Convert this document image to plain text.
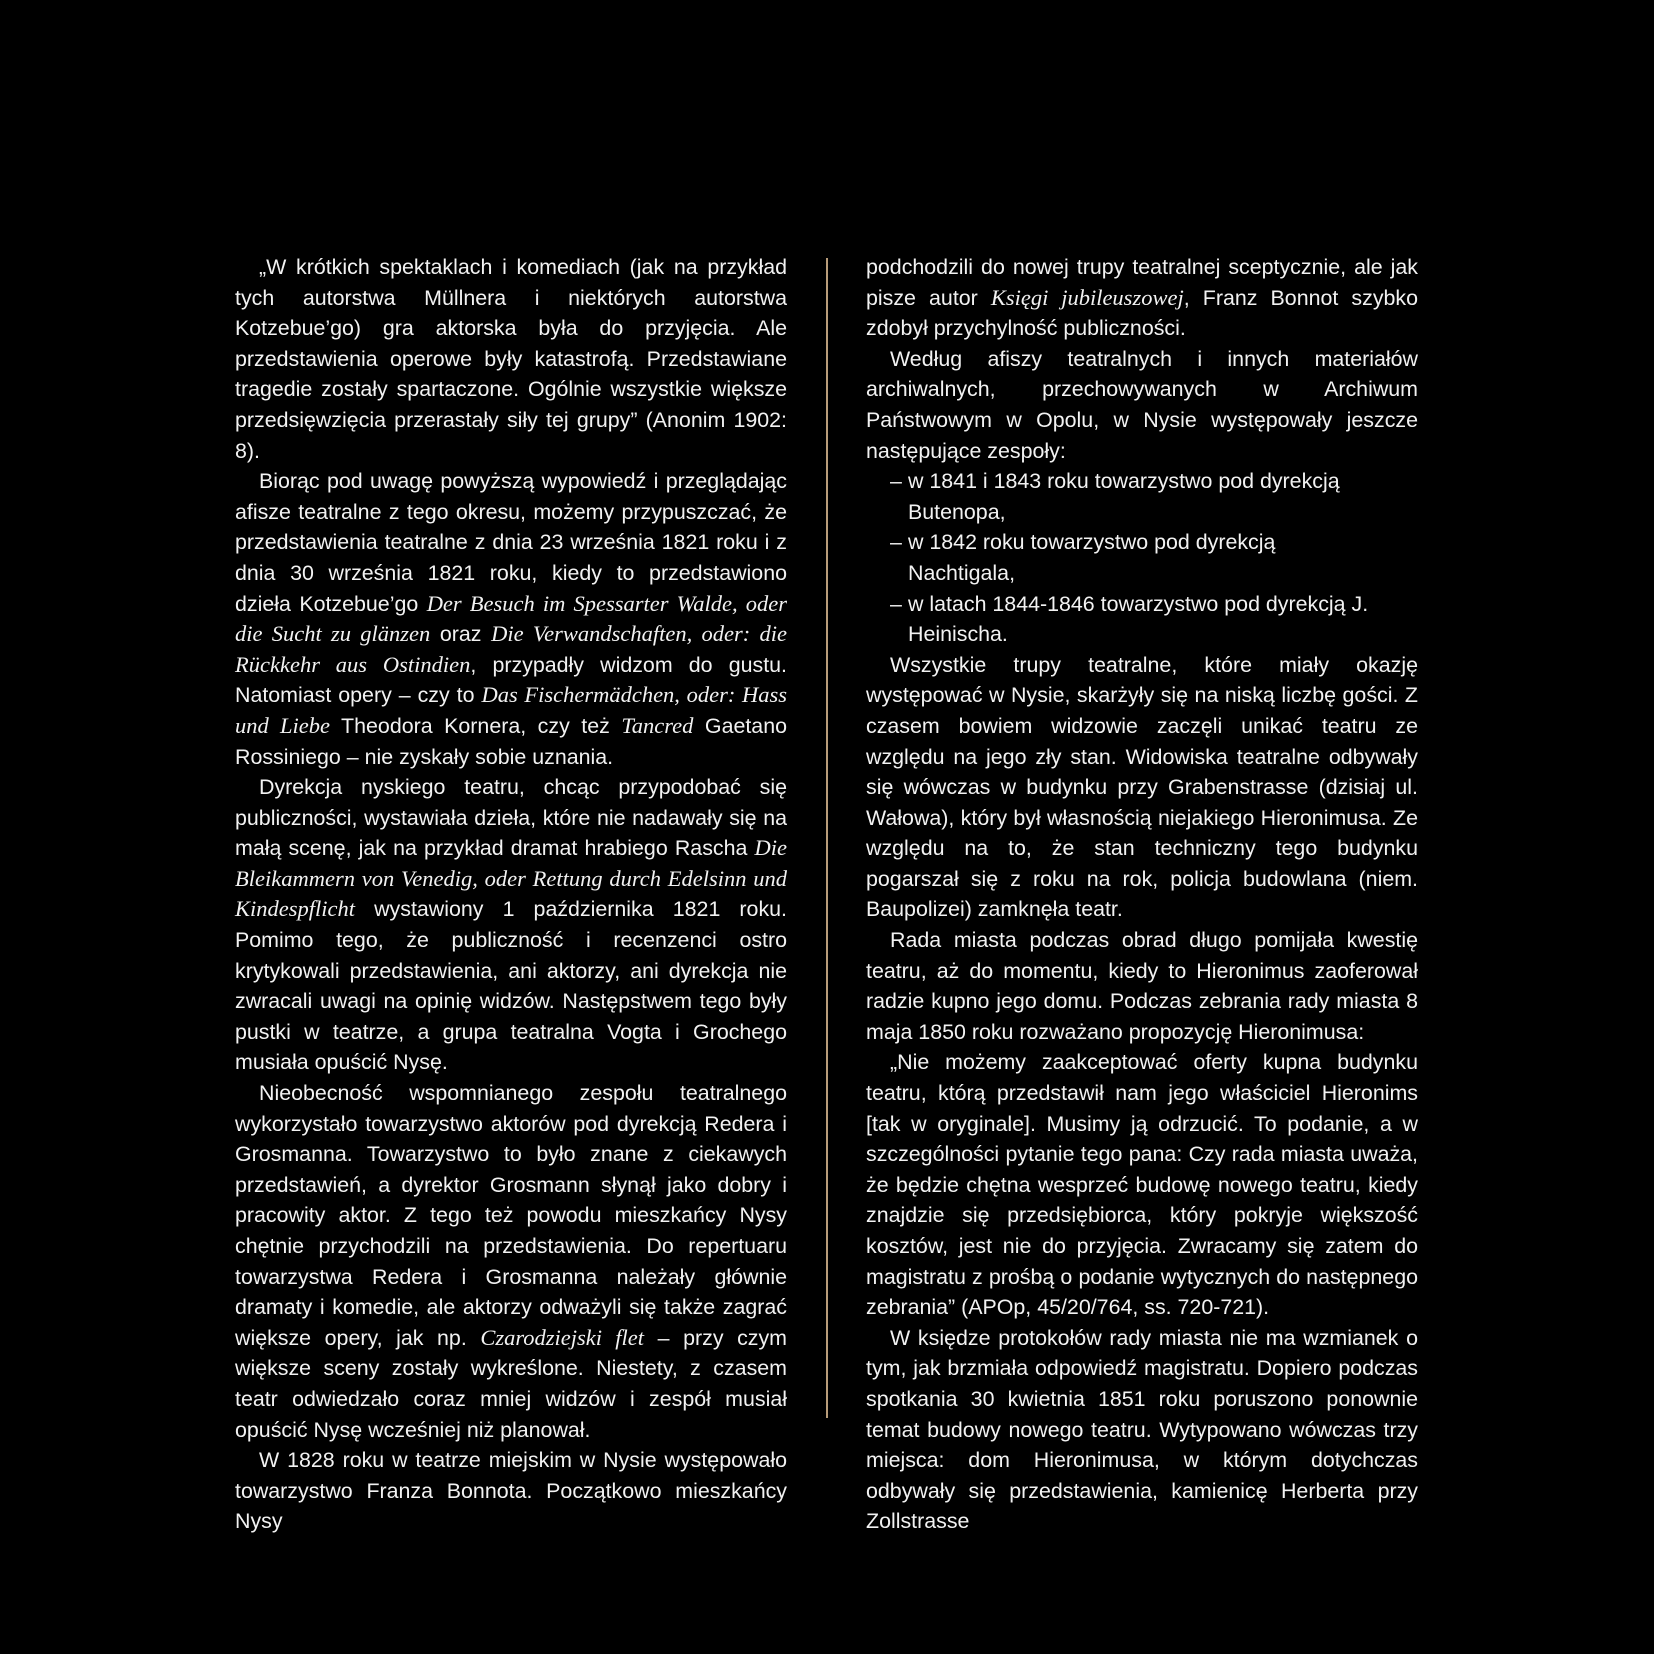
„W krótkich spektaklach i komediach (jak na przykład tych autorstwa Müllnera i niektórych autorstwa Kotzebue’go) gra aktorska była do przyjęcia. Ale przedstawienia operowe były katastrofą. Przedstawiane tragedie zostały spartaczone. Ogólnie wszystkie większe przedsięwzięcia przerastały siły tej grupy” (Anonim 1902: 8).

Biorąc pod uwagę powyższą wypowiedź i przeglądając afisze teatralne z tego okresu, możemy przypuszczać, że przedstawienia teatralne z dnia 23 września 1821 roku i z dnia 30 września 1821 roku, kiedy to przedstawiono dzieła Kotzebue’go Der Besuch im Spessarter Walde, oder die Sucht zu glänzen oraz Die Verwandschaften, oder: die Rückkehr aus Ostindien, przypadły widzom do gustu. Natomiast opery – czy to Das Fischermädchen, oder: Hass und Liebe Theodora Kornera, czy też Tancred Gaetano Rossiniego – nie zyskały sobie uznania.

Dyrekcja nyskiego teatru, chcąc przypodobać się publiczności, wystawiała dzieła, które nie nadawały się na małą scenę, jak na przykład dramat hrabiego Rascha Die Bleikammern von Venedig, oder Rettung durch Edelsinn und Kindespflicht wystawiony 1 października 1821 roku. Pomimo tego, że publiczność i recenzenci ostro krytykowali przedstawienia, ani aktorzy, ani dyrekcja nie zwracali uwagi na opinię widzów. Następstwem tego były pustki w teatrze, a grupa teatralna Vogta i Grochego musiała opuścić Nysę.

Nieobecność wspomnianego zespołu teatralnego wykorzystało towarzystwo aktorów pod dyrekcją Redera i Grosmanna. Towarzystwo to było znane z ciekawych przedstawień, a dyrektor Grosmann słynął jako dobry i pracowity aktor. Z tego też powodu mieszkańcy Nysy chętnie przychodzili na przedstawienia. Do repertuaru towarzystwa Redera i Grosmanna należały głównie dramaty i komedie, ale aktorzy odważyli się także zagrać większe opery, jak np. Czarodziejski flet – przy czym większe sceny zostały wykreślone. Niestety, z czasem teatr odwiedzało coraz mniej widzów i zespół musiał opuścić Nysę wcześniej niż planował.

W 1828 roku w teatrze miejskim w Nysie występowało towarzystwo Franza Bonnota. Początkowo mieszkańcy Nysy

podchodzili do nowej trupy teatralnej sceptycznie, ale jak pisze autor Księgi jubileuszowej, Franz Bonnot szybko zdobył przychylność publiczności.

Według afiszy teatralnych i innych materiałów archiwalnych, przechowywanych w Archiwum Państwowym w Opolu, w Nysie występowały jeszcze następujące zespoły:

– w 1841 i 1843 roku towarzystwo pod dyrekcją Butenopa,
– w 1842 roku towarzystwo pod dyrekcją Nachtigala,
– w latach 1844-1846 towarzystwo pod dyrekcją J. Heinischa.

Wszystkie trupy teatralne, które miały okazję występować w Nysie, skarżyły się na niską liczbę gości. Z czasem bowiem widzowie zaczęli unikać teatru ze względu na jego zły stan. Widowiska teatralne odbywały się wówczas w budynku przy Grabenstrasse (dzisiaj ul. Wałowa), który był własnością niejakiego Hieronimusa. Ze względu na to, że stan techniczny tego budynku pogarszał się z roku na rok, policja budowlana (niem. Baupolizei) zamknęła teatr.

Rada miasta podczas obrad długo pomijała kwestię teatru, aż do momentu, kiedy to Hieronimus zaoferował radzie kupno jego domu. Podczas zebrania rady miasta 8 maja 1850 roku rozważano propozycję Hieronimusa:

„Nie możemy zaakceptować oferty kupna budynku teatru, którą przedstawił nam jego właściciel Hieronims [tak w oryginale]. Musimy ją odrzucić. To podanie, a w szczególności pytanie tego pana: Czy rada miasta uważa, że będzie chętna wesprzeć budowę nowego teatru, kiedy znajdzie się przedsiębiorca, który pokryje większość kosztów, jest nie do przyjęcia. Zwracamy się zatem do magistratu z prośbą o podanie wytycznych do następnego zebrania” (APOp, 45/20/764, ss. 720-721).

W księdze protokołów rady miasta nie ma wzmianek o tym, jak brzmiała odpowiedź magistratu. Dopiero podczas spotkania 30 kwietnia 1851 roku poruszono ponownie temat budowy nowego teatru. Wytypowano wówczas trzy miejsca: dom Hieronimusa, w którym dotychczas odbywały się przedstawienia, kamienicę Herberta przy Zollstrasse
